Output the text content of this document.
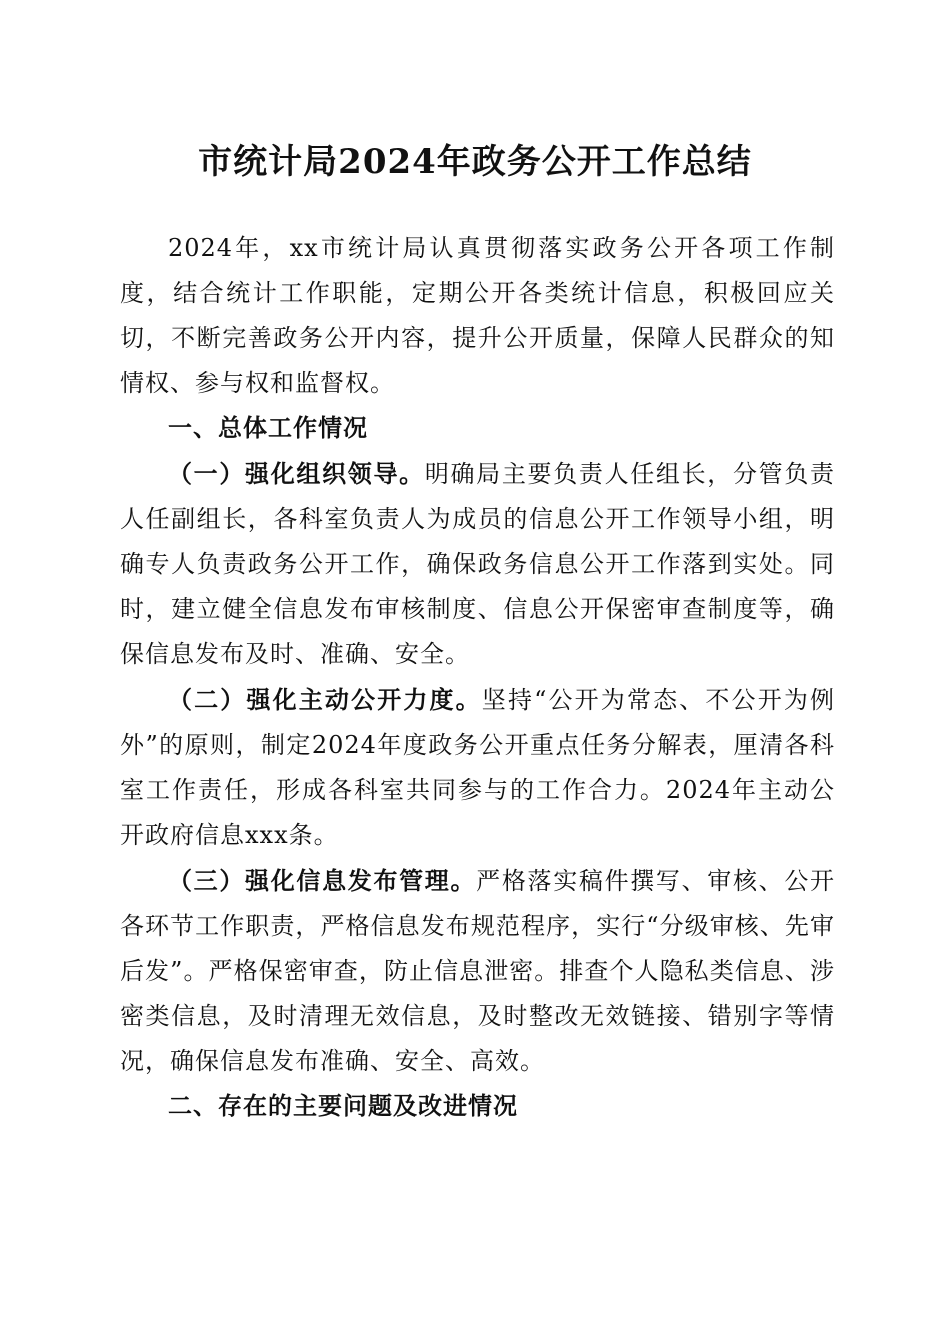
市统计局2024年政务公开工作总结

2024年，xx市统计局认真贯彻落实政务公开各项工作制度，结合统计工作职能，定期公开各类统计信息，积极回应关切，不断完善政务公开内容，提升公开质量，保障人民群众的知情权、参与权和监督权。

一、总体工作情况

（一）强化组织领导。明确局主要负责人任组长，分管负责人任副组长，各科室负责人为成员的信息公开工作领导小组，明确专人负责政务公开工作，确保政务信息公开工作落到实处。同时，建立健全信息发布审核制度、信息公开保密审查制度等，确保信息发布及时、准确、安全。

（二）强化主动公开力度。坚持“公开为常态、不公开为例外”的原则，制定2024年度政务公开重点任务分解表，厘清各科室工作责任，形成各科室共同参与的工作合力。2024年主动公开政府信息xxx条。

（三）强化信息发布管理。严格落实稿件撰写、审核、公开各环节工作职责，严格信息发布规范程序，实行“分级审核、先审后发”。严格保密审查，防止信息泄密。排查个人隐私类信息、涉密类信息，及时清理无效信息，及时整改无效链接、错别字等情况，确保信息发布准确、安全、高效。

二、存在的主要问题及改进情况
